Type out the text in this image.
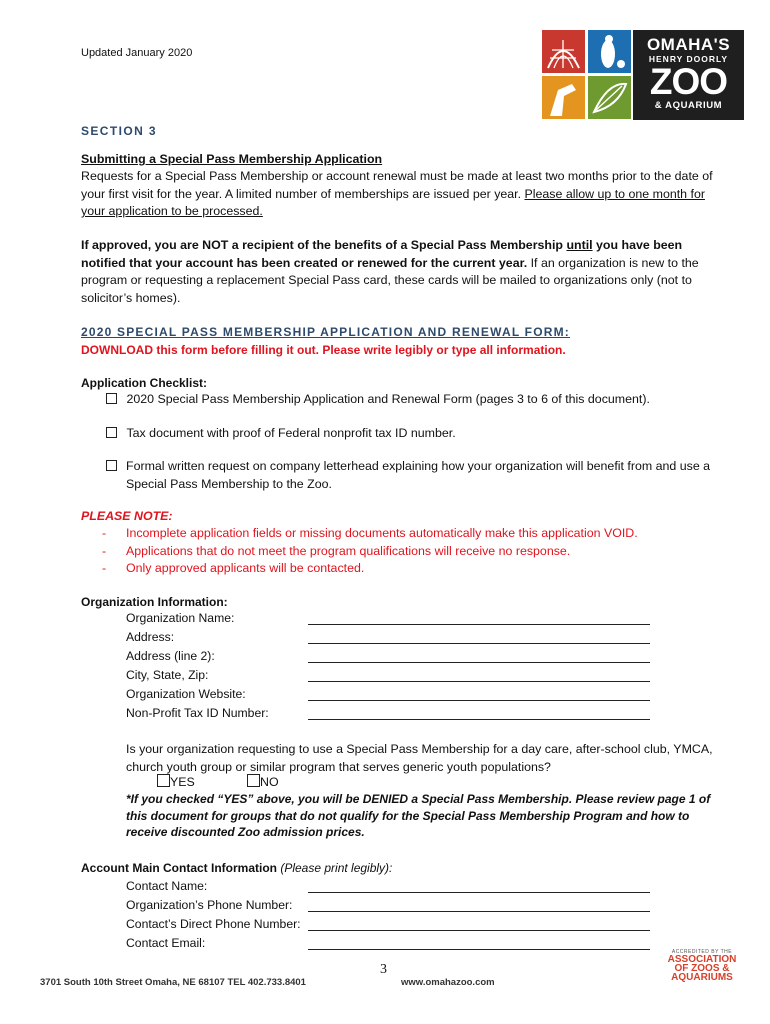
Updated January 2020	OMAHA'S
HENRY DOORLY
ZOO
& AQUARIUM
SECTION 3
Submitting a Special Pass Membership Application
Requests for a Special Pass Membership or account renewal must be made at least two months prior to the date of your first visit for the year. A limited number of memberships are issued per year. Please allow up to one month for your application to be processed.
If approved, you are NOT a recipient of the benefits of a Special Pass Membership until you have been notified that your account has been created or renewed for the current year. If an organization is new to the program or requesting a replacement Special Pass card, these cards will be mailed to organizations only (not to solicitor’s homes).
2020 SPECIAL PASS MEMBERSHIP APPLICATION AND RENEWAL FORM:
DOWNLOAD this form before filling it out. Please write legibly or type all information.
Application Checklist:
2020 Special Pass Membership Application and Renewal Form (pages 3 to 6 of this document).
Tax document with proof of Federal nonprofit tax ID number.
Formal written request on company letterhead explaining how your organization will benefit from and use a Special Pass Membership to the Zoo.
PLEASE NOTE:
- Incomplete application fields or missing documents automatically make this application VOID.
- Applications that do not meet the program qualifications will receive no response.
- Only approved applicants will be contacted.
Organization Information:
Organization Name:
Address:
Address (line 2):
City, State, Zip:
Organization Website:
Non-Profit Tax ID Number:
Is your organization requesting to use a Special Pass Membership for a day care, after-school club, YMCA, church youth group or similar program that serves generic youth populations?
YES	NO
*If you checked “YES” above, you will be DENIED a Special Pass Membership. Please review page 1 of this document for groups that do not qualify for the Special Pass Membership Program and how to receive discounted Zoo admission prices.
Account Main Contact Information (Please print legibly):
Contact Name:
Organization’s Phone Number:
Contact’s Direct Phone Number:
Contact Email:
3
3701 South 10th Street Omaha, NE 68107 TEL 402.733.8401	www.omahazoo.com
ACCREDITED BY THE
ASSOCIATION
OF ZOOS &
AQUARIUMS
